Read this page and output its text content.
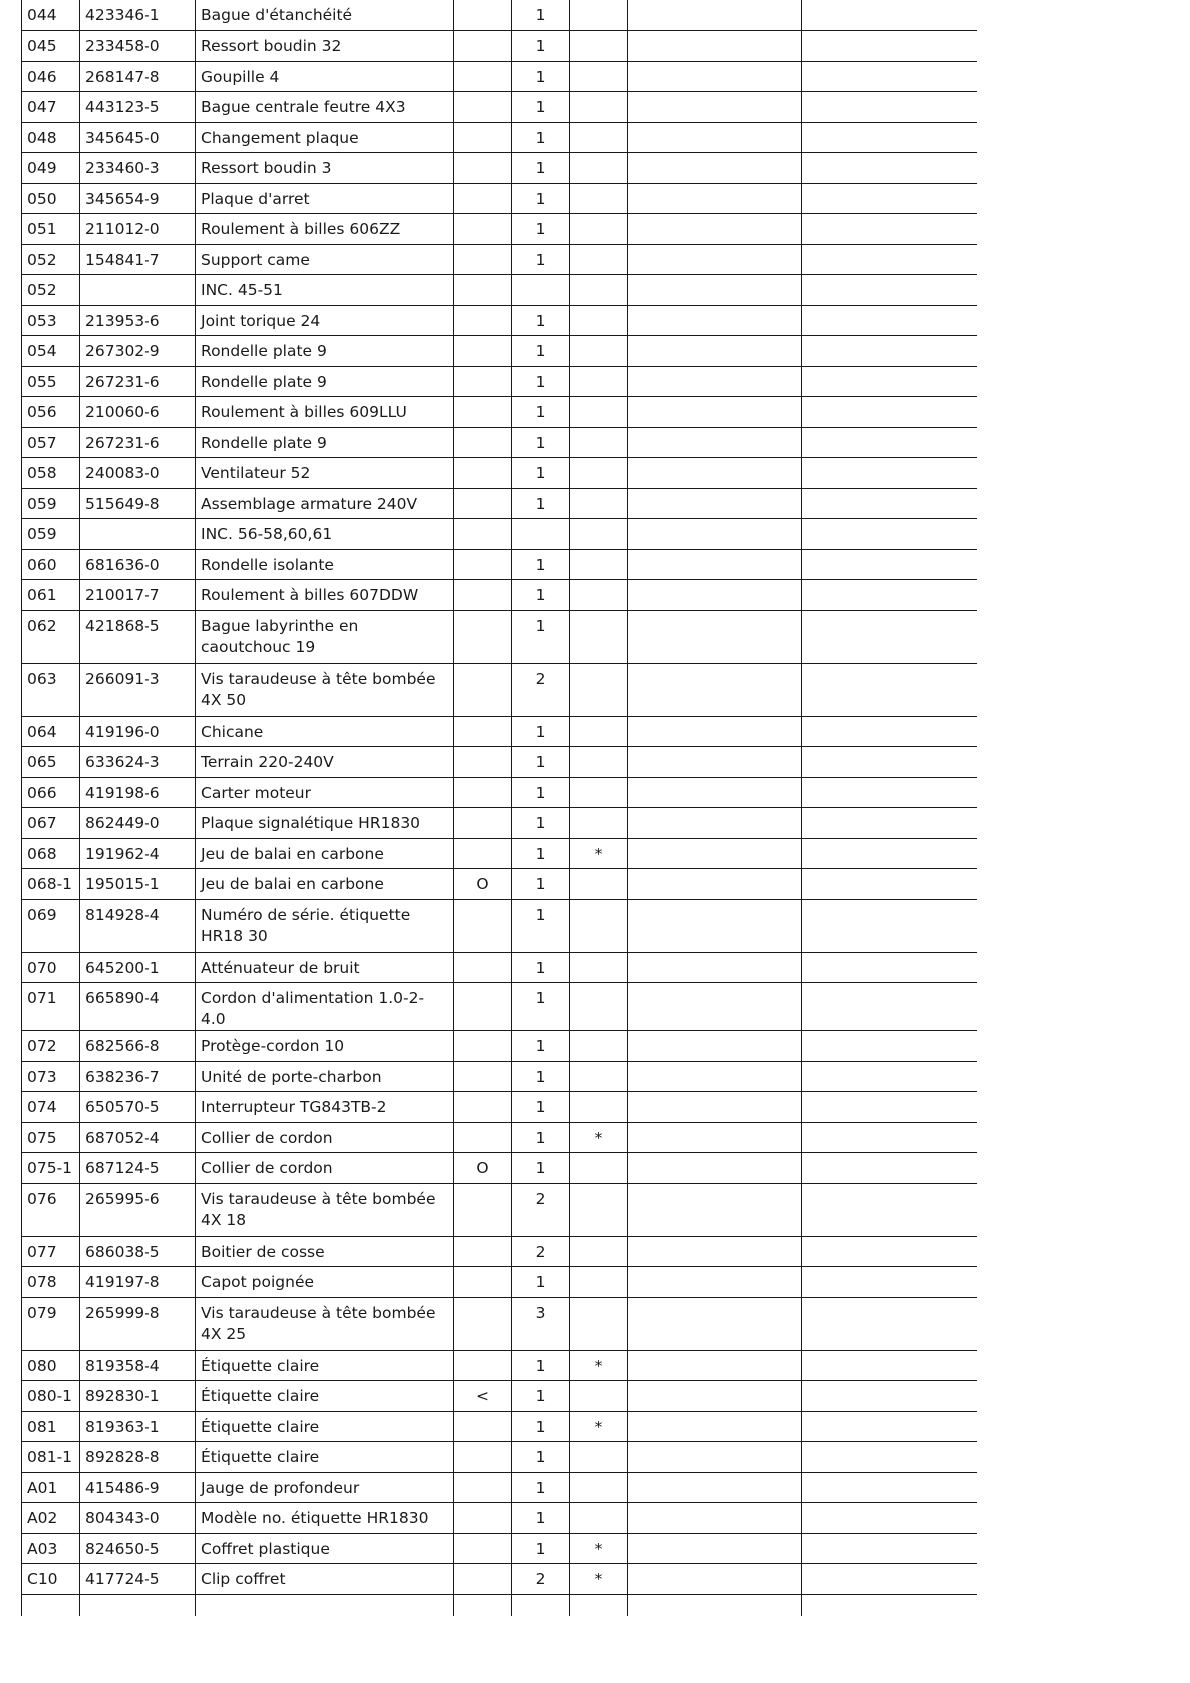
044	423346-1	Bague d'étanchéité		1			
045	233458-0	Ressort boudin 32		1			
046	268147-8	Goupille 4		1			
047	443123-5	Bague centrale feutre 4X3		1			
048	345645-0	Changement plaque		1			
049	233460-3	Ressort boudin 3		1			
050	345654-9	Plaque d'arret		1			
051	211012-0	Roulement à billes 606ZZ		1			
052	154841-7	Support came		1			
052		INC. 45-51					
053	213953-6	Joint torique 24		1			
054	267302-9	Rondelle plate 9		1			
055	267231-6	Rondelle plate 9		1			
056	210060-6	Roulement à billes 609LLU		1			
057	267231-6	Rondelle plate 9		1			
058	240083-0	Ventilateur 52		1			
059	515649-8	Assemblage armature 240V		1			
059		INC. 56-58,60,61					
060	681636-0	Rondelle isolante		1			
061	210017-7	Roulement à billes 607DDW		1			
062	421868-5	Bague labyrinthe en caoutchouc 19		1			
063	266091-3	Vis taraudeuse à tête bombée 4X 50		2			
064	419196-0	Chicane		1			
065	633624-3	Terrain 220-240V		1			
066	419198-6	Carter moteur		1			
067	862449-0	Plaque signalétique HR1830		1			
068	191962-4	Jeu de balai en carbone		1	*		
068-1	195015-1	Jeu de balai en carbone	O	1			
069	814928-4	Numéro de série. étiquette HR18 30		1			
070	645200-1	Atténuateur de bruit		1			
071	665890-4	Cordon d'alimentation 1.0-2-4.0		1			
072	682566-8	Protège-cordon 10		1			
073	638236-7	Unité de porte-charbon		1			
074	650570-5	Interrupteur TG843TB-2		1			
075	687052-4	Collier de cordon		1	*		
075-1	687124-5	Collier de cordon	O	1			
076	265995-6	Vis taraudeuse à tête bombée 4X 18		2			
077	686038-5	Boitier de cosse		2			
078	419197-8	Capot poignée		1			
079	265999-8	Vis taraudeuse à tête bombée 4X 25		3			
080	819358-4	Étiquette claire		1	*		
080-1	892830-1	Étiquette claire	<	1			
081	819363-1	Étiquette claire		1	*		
081-1	892828-8	Étiquette claire		1			
A01	415486-9	Jauge de profondeur		1			
A02	804343-0	Modèle no. étiquette HR1830		1			
A03	824650-5	Coffret plastique		1	*		
C10	417724-5	Clip coffret		2	*		
